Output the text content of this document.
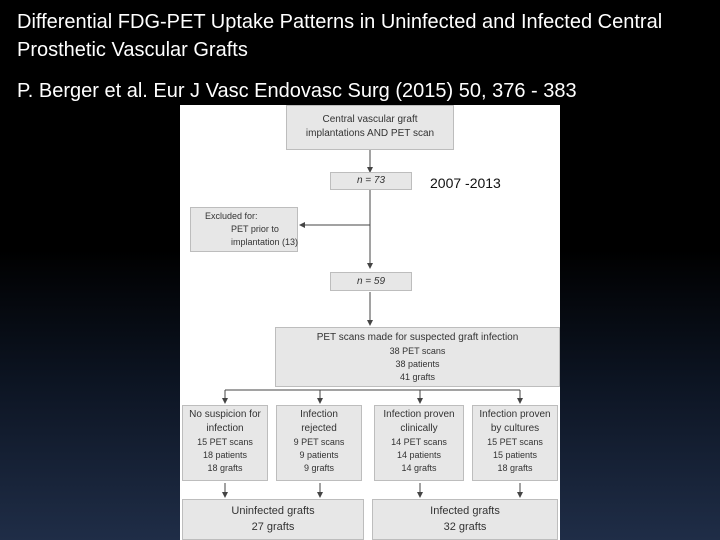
Differential FDG-PET Uptake Patterns in Uninfected and Infected Central Prosthetic Vascular Grafts
P. Berger et al. Eur J Vasc Endovasc Surg (2015) 50, 376 - 383
Central vascular graft
implantations AND PET scan
n = 73
Excluded for:
PET prior to
implantation (13)
n = 59
PET scans made for suspected graft infection
38 PET scans
38 patients
41 grafts
No suspicion for
infection
15 PET scans
18 patients
18 grafts
Infection
rejected
9 PET scans
9 patients
9 grafts
Infection proven
clinically
14 PET scans
14 patients
14 grafts
Infection proven
by cultures
15 PET scans
15 patients
18 grafts
Uninfected grafts
27 grafts
Infected grafts
32 grafts
2007 -2013
